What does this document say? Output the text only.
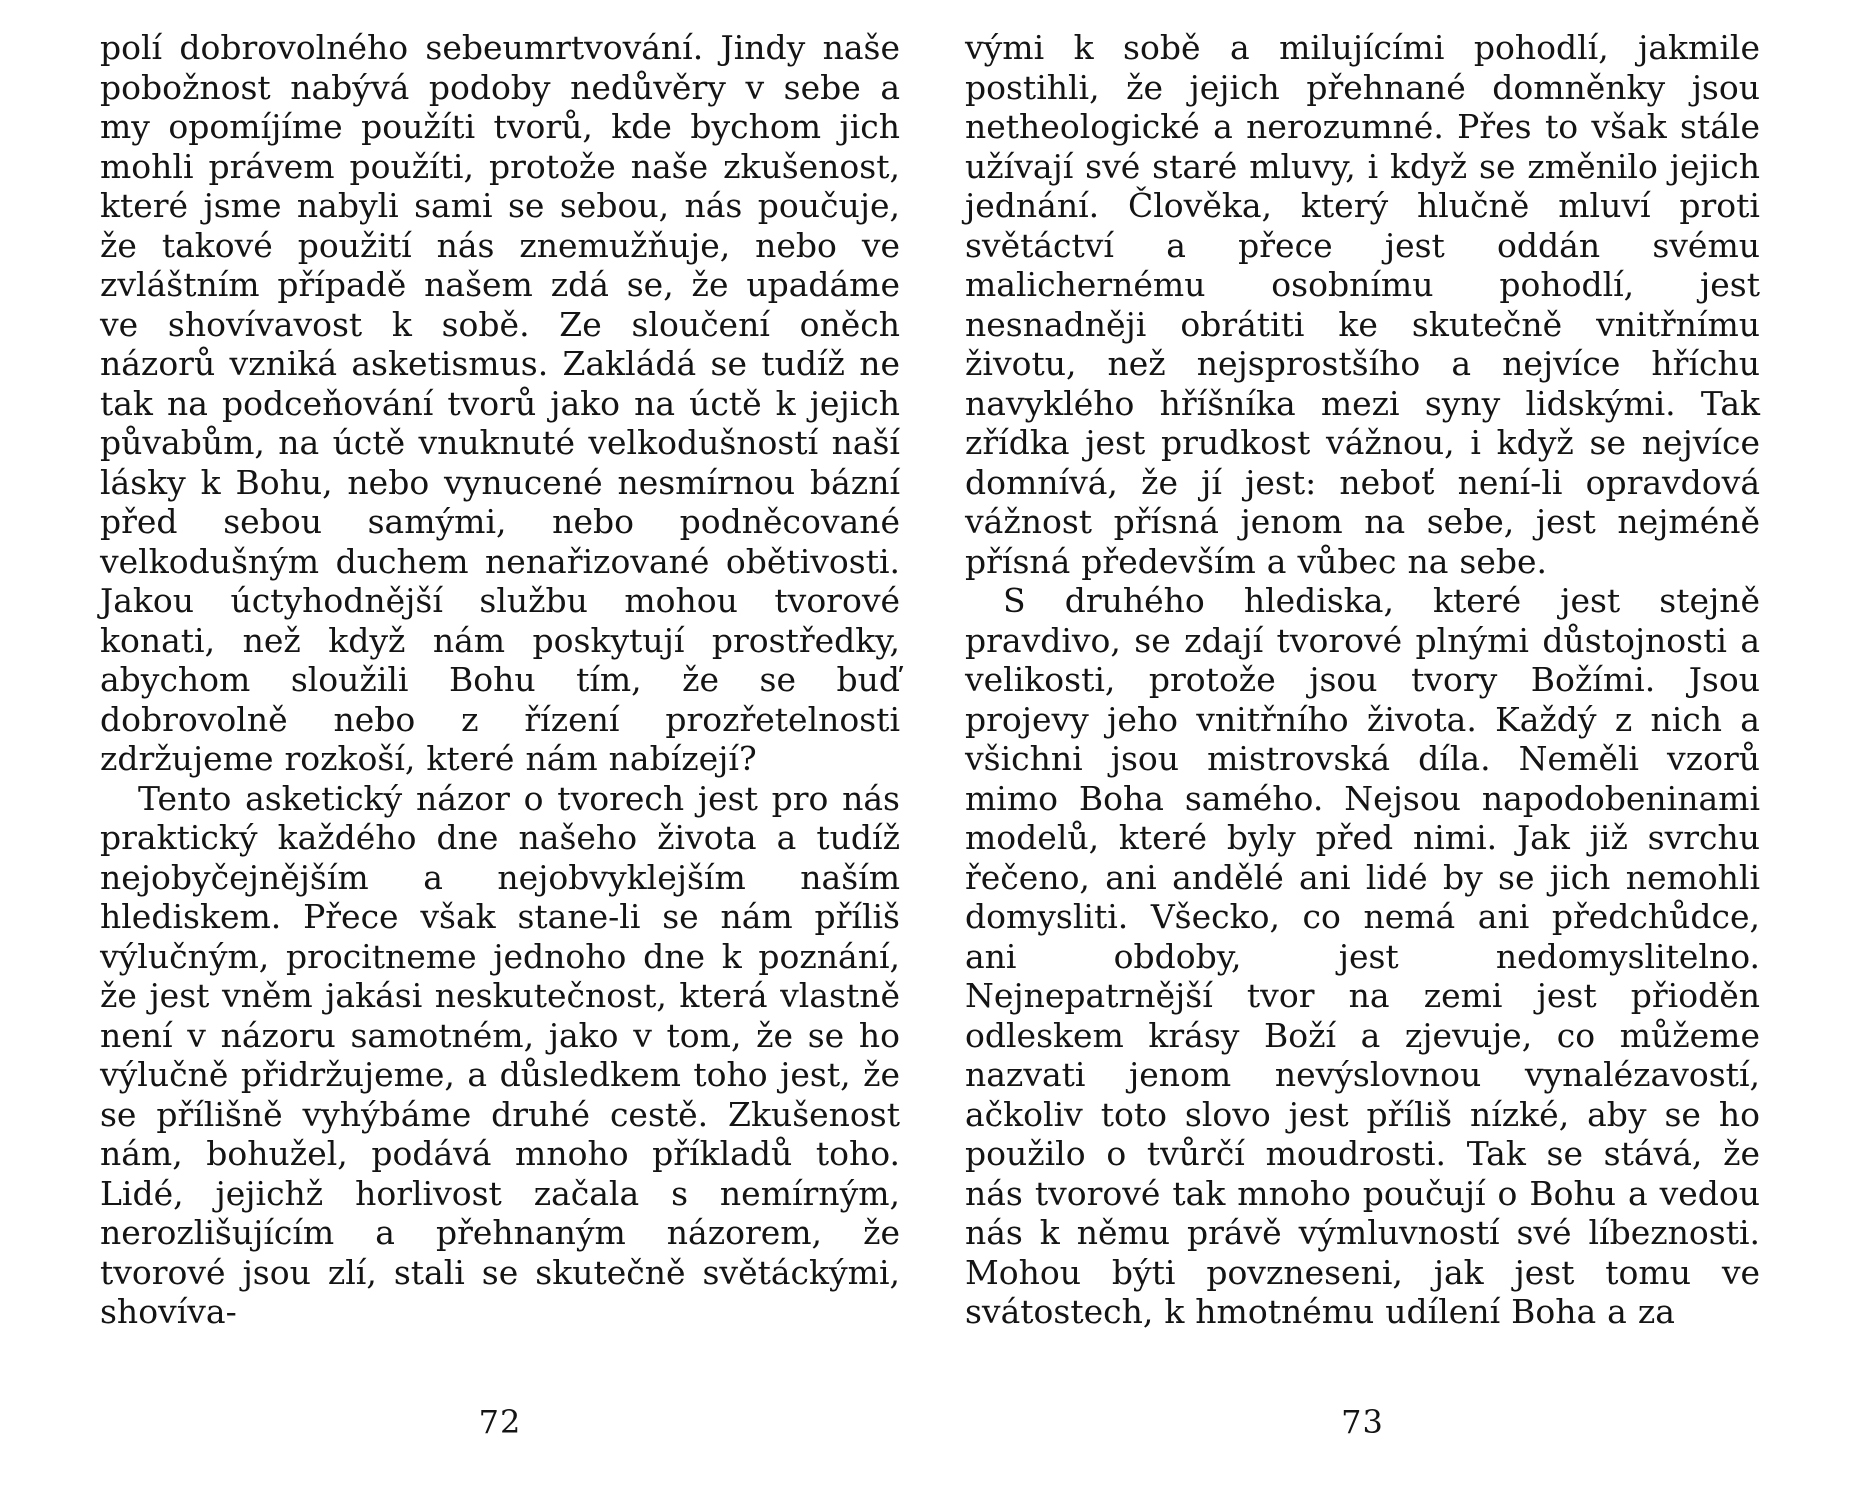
polí dobrovolného sebeumrtvování. Jindy naše pobožnost nabývá podoby nedůvěry v sebe a my opomíjíme použíti tvorů, kde bychom jich mohli právem použíti, protože naše zkušenost, které jsme nabyli sami se sebou, nás poučuje, že takové použití nás znemužňuje, nebo ve zvláštním případě našem zdá se, že upadáme ve shovívavost k sobě. Ze sloučení oněch názorů vzniká asketismus. Zakládá se tudíž ne tak na podceňování tvorů jako na úctě k jejich půvabům, na úctě vnuknuté velkodušností naší lásky k Bohu, nebo vynucené nesmírnou bázní před sebou samými, nebo podněcované velkodušným duchem nenařizované obětivosti. Jakou úctyhodnější službu mohou tvorové konati, než když nám poskytují prostředky, abychom sloužili Bohu tím, že se buď dobrovolně nebo z řízení prozřetelnosti zdržujeme rozkoší, které nám nabízejí?

Tento asketický názor o tvorech jest pro nás praktický každého dne našeho života a tudíž nejobyčejnějším a nejobvyklejším naším hlediskem. Přece však stane-li se nám příliš výlučným, procitneme jednoho dne k poznání, že jest vněm jakási neskutečnost, která vlastně není v názoru samotném, jako v tom, že se ho výlučně přidržujeme, a důsledkem toho jest, že se přílišně vyhýbáme druhé cestě. Zkušenost nám, bohužel, podává mnoho příkladů toho. Lidé, jejichž horlivost začala s nemírným, nerozlišujícím a přehnaným názorem, že tvorové jsou zlí, stali se skutečně světáckými, shovíva-

72

vými k sobě a milujícími pohodlí, jakmile postihli, že jejich přehnané domněnky jsou netheologické a nerozumné. Přes to však stále užívají své staré mluvy, i když se změnilo jejich jednání. Člověka, který hlučně mluví proti světáctví a přece jest oddán svému malichernému osobnímu pohodlí, jest nesnadněji obrátiti ke skutečně vnitřnímu životu, než nejsprostšího a nejvíce hříchu navyklého hříšníka mezi syny lidskými. Tak zřídka jest prudkost vážnou, i když se nejvíce domnívá, že jí jest: neboť není-li opravdová vážnost přísná jenom na sebe, jest nejméně přísná především a vůbec na sebe.

S druhého hlediska, které jest stejně pravdivo, se zdají tvorové plnými důstojnosti a velikosti, protože jsou tvory Božími. Jsou projevy jeho vnitřního života. Každý z nich a všichni jsou mistrovská díla. Neměli vzorů mimo Boha samého. Nejsou napodobeninami modelů, které byly před nimi. Jak již svrchu řečeno, ani andělé ani lidé by se jich nemohli domysliti. Všecko, co nemá ani předchůdce, ani obdoby, jest nedomyslitelno. Nejnepatrnější tvor na zemi jest přioděn odleskem krásy Boží a zjevuje, co můžeme nazvati jenom nevýslovnou vynalézavostí, ačkoliv toto slovo jest příliš nízké, aby se ho použilo o tvůrčí moudrosti. Tak se stává, že nás tvorové tak mnoho poučují o Bohu a vedou nás k němu právě výmluvností své líbeznosti. Mohou býti povzneseni, jak jest tomu ve svátostech, k hmotnému udílení Boha a za

73
